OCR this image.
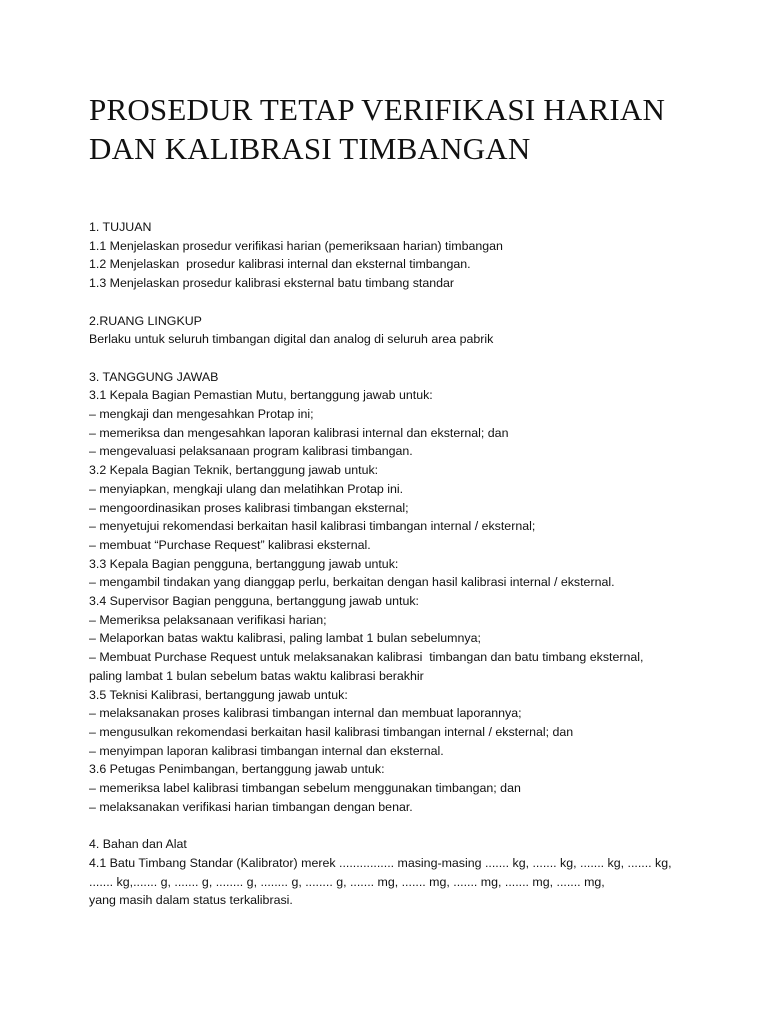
PROSEDUR TETAP VERIFIKASI HARIAN
DAN KALIBRASI TIMBANGAN
1. TUJUAN
1.1 Menjelaskan prosedur verifikasi harian (pemeriksaan harian) timbangan
1.2 Menjelaskan  prosedur kalibrasi internal dan eksternal timbangan.
1.3 Menjelaskan prosedur kalibrasi eksternal batu timbang standar
2.RUANG LINGKUP
Berlaku untuk seluruh timbangan digital dan analog di seluruh area pabrik
3. TANGGUNG JAWAB
3.1 Kepala Bagian Pemastian Mutu, bertanggung jawab untuk:
– mengkaji dan mengesahkan Protap ini;
– memeriksa dan mengesahkan laporan kalibrasi internal dan eksternal; dan
– mengevaluasi pelaksanaan program kalibrasi timbangan.
3.2 Kepala Bagian Teknik, bertanggung jawab untuk:
– menyiapkan, mengkaji ulang dan melatihkan Protap ini.
– mengoordinasikan proses kalibrasi timbangan eksternal;
– menyetujui rekomendasi berkaitan hasil kalibrasi timbangan internal / eksternal;
– membuat “Purchase Request” kalibrasi eksternal.
3.3 Kepala Bagian pengguna, bertanggung jawab untuk:
– mengambil tindakan yang dianggap perlu, berkaitan dengan hasil kalibrasi internal / eksternal.
3.4 Supervisor Bagian pengguna, bertanggung jawab untuk:
– Memeriksa pelaksanaan verifikasi harian;
– Melaporkan batas waktu kalibrasi, paling lambat 1 bulan sebelumnya;
– Membuat Purchase Request untuk melaksanakan kalibrasi  timbangan dan batu timbang eksternal,
paling lambat 1 bulan sebelum batas waktu kalibrasi berakhir
3.5 Teknisi Kalibrasi, bertanggung jawab untuk:
– melaksanakan proses kalibrasi timbangan internal dan membuat laporannya;
– mengusulkan rekomendasi berkaitan hasil kalibrasi timbangan internal / eksternal; dan
– menyimpan laporan kalibrasi timbangan internal dan eksternal.
3.6 Petugas Penimbangan, bertanggung jawab untuk:
– memeriksa label kalibrasi timbangan sebelum menggunakan timbangan; dan
– melaksanakan verifikasi harian timbangan dengan benar.
4. Bahan dan Alat
4.1 Batu Timbang Standar (Kalibrator) merek ................ masing-masing ....... kg, ....... kg, ....... kg, ....... kg,
....... kg,....... g, ....... g, ........ g, ........ g, ........ g, ....... mg, ....... mg, ....... mg, ....... mg, ....... mg,
yang masih dalam status terkalibrasi.
